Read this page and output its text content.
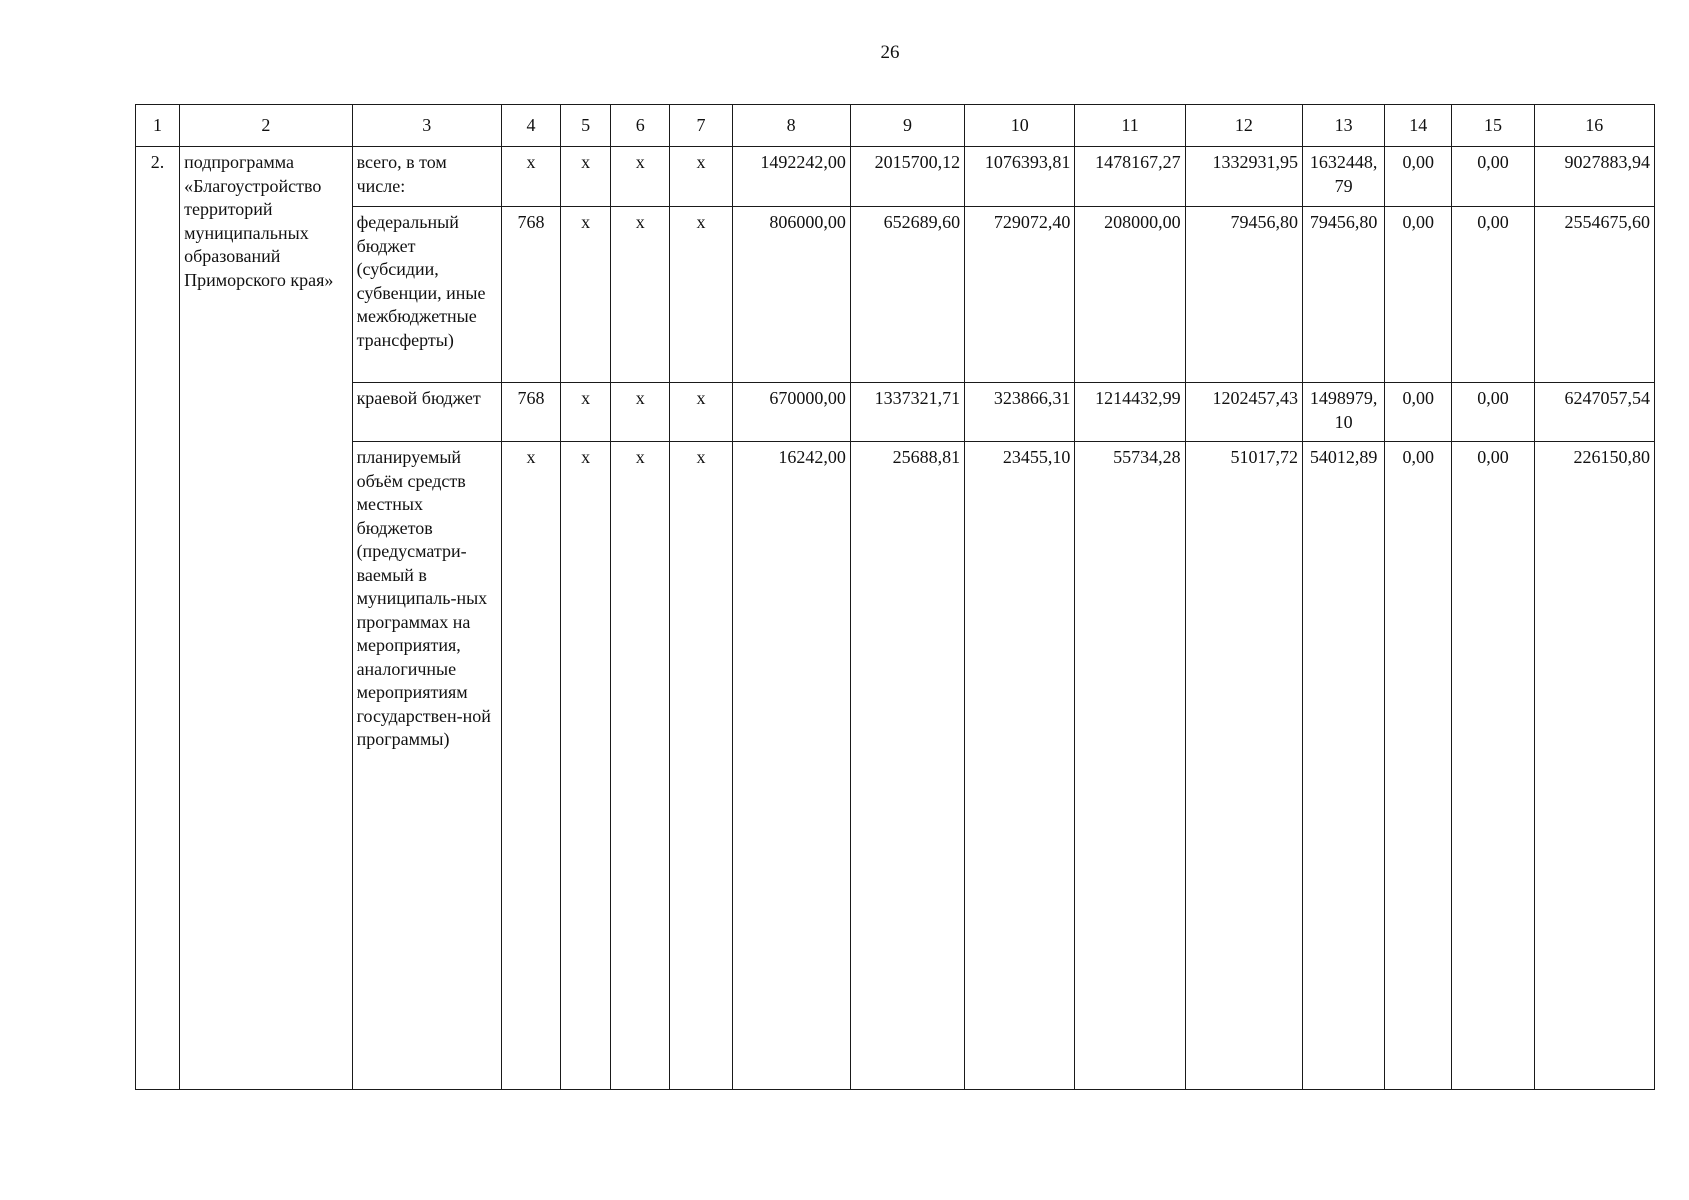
26
1	2	3	4	5	6	7	8	9	10	11	12	13	14	15	16
2.	подпрограмма «Благоустройство территорий муниципальных образований Приморского края»	всего, в том числе:	x	x	x	x	1492242,00	2015700,12	1076393,81	1478167,27	1332931,95	1632448,79	0,00	0,00	9027883,94
		федеральный бюджет (субсидии, субвенции, иные межбюджетные трансферты)	768	x	x	x	806000,00	652689,60	729072,40	208000,00	79456,80	79456,80	0,00	0,00	2554675,60
		краевой бюджет	768	x	x	x	670000,00	1337321,71	323866,31	1214432,99	1202457,43	1498979,10	0,00	0,00	6247057,54
		планируемый объём средств местных бюджетов (предусматри-ваемый в муниципаль-ных программах на мероприятия, аналогичные мероприятиям государствен-ной программы)	x	x	x	x	16242,00	25688,81	23455,10	55734,28	51017,72	54012,89	0,00	0,00	226150,80
